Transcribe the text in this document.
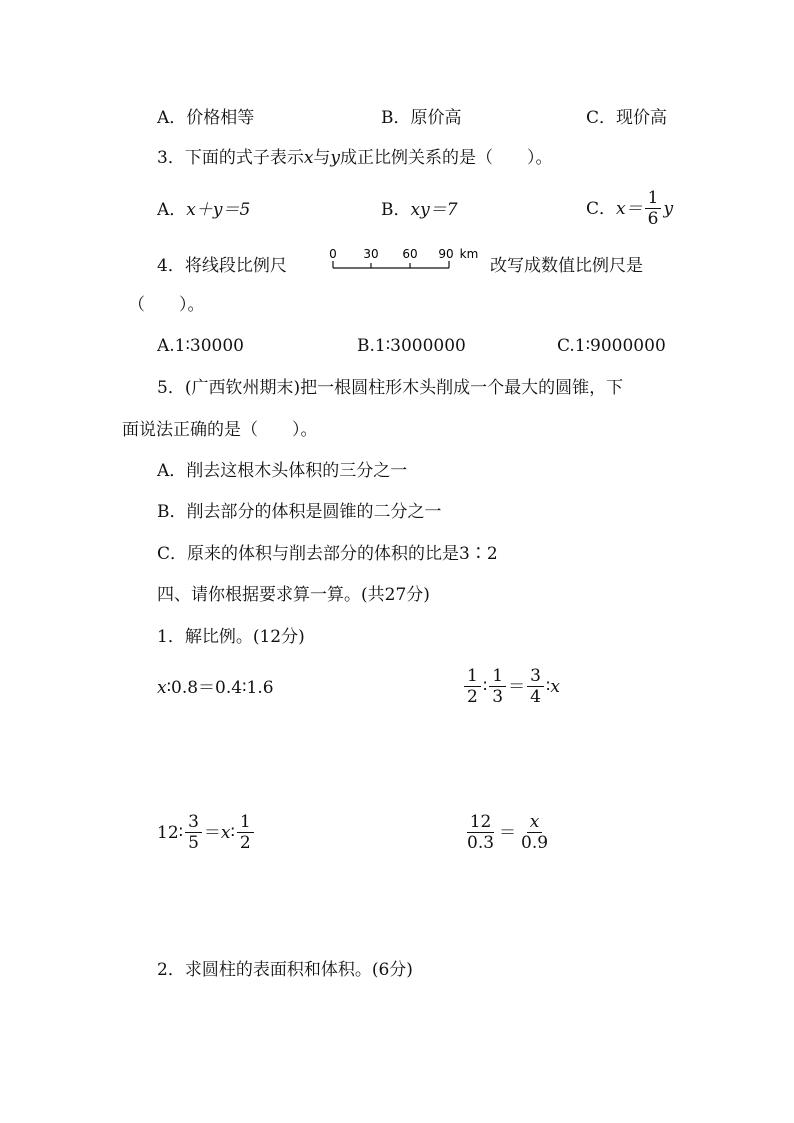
A．价格相等	B．原价高	C．现价高
3．下面的式子表示x与y成正比例关系的是（　　）。
A．x＋y＝5	B．xy＝7	C． $x= \frac{1}{6}$ y
4．将线段比例尺
0 30 60 90 km
改写成数值比例尺是
（　　）。
A.1∶30000	B.1∶3000000	C.1∶9000000
5．(广西钦州期末)把一根圆柱形木头削成一个最大的圆锥，下
面说法正确的是（　　）。
A．削去这根木头体积的三分之一
B．削去部分的体积是圆锥的二分之一
C．原来的体积与削去部分的体积的比是3∶2
四、请你根据要求算一算。(共27分)
1．解比例。(12分)
x∶0.8＝0.4∶1.6	$\frac{1}{2}$ ∶ $\frac{1}{3} = \frac{3}{4}$ ∶ x
12∶ $\frac{3}{5} = x$ ∶ $\frac{1}{2}$	$\frac{12}{0.3} = \frac{x}{0.9}$
2．求圆柱的表面积和体积。(6分)
